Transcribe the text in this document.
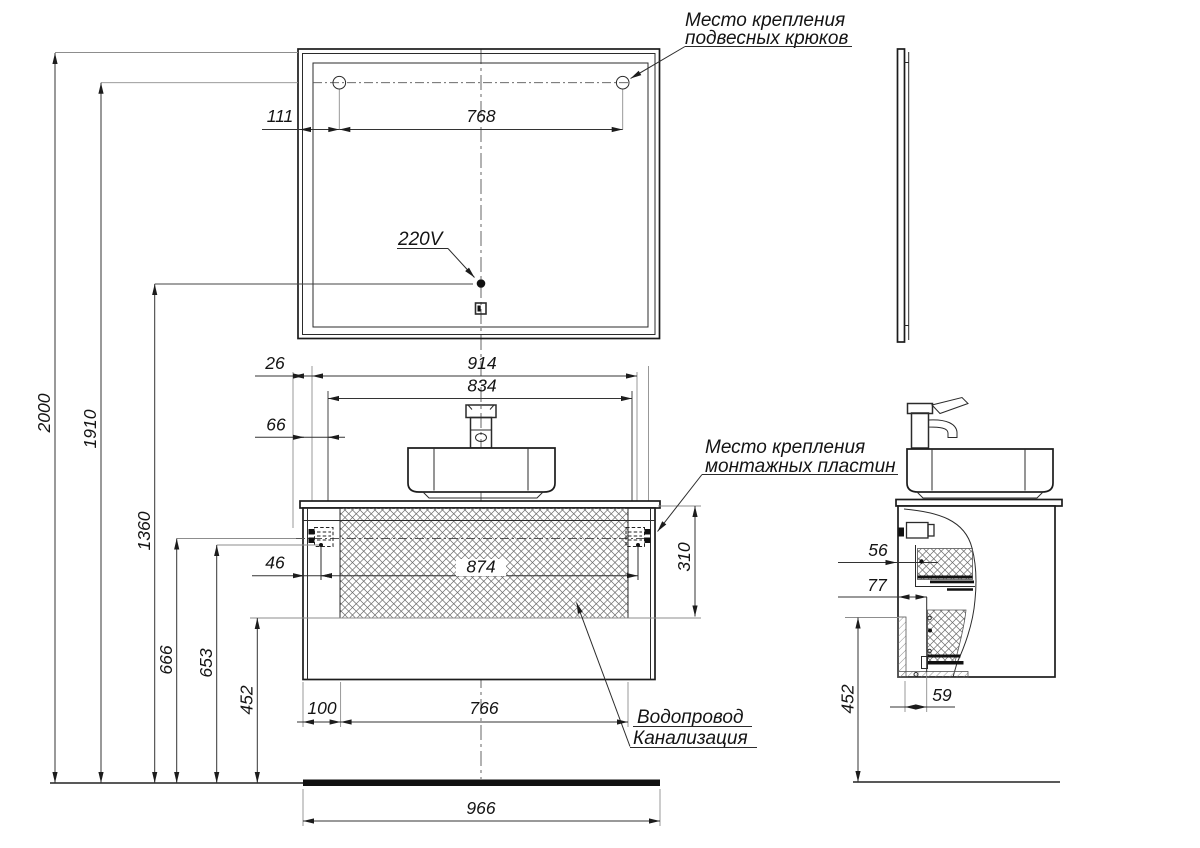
220V
Место крепления
подвесных крюков
2000 1910
1360
666 653
452
111	768
26	914
834
66
46	874	310
Место крепления
монтажных пластин
Водопровод
Канализация
100	766
966
56
77
59
452
